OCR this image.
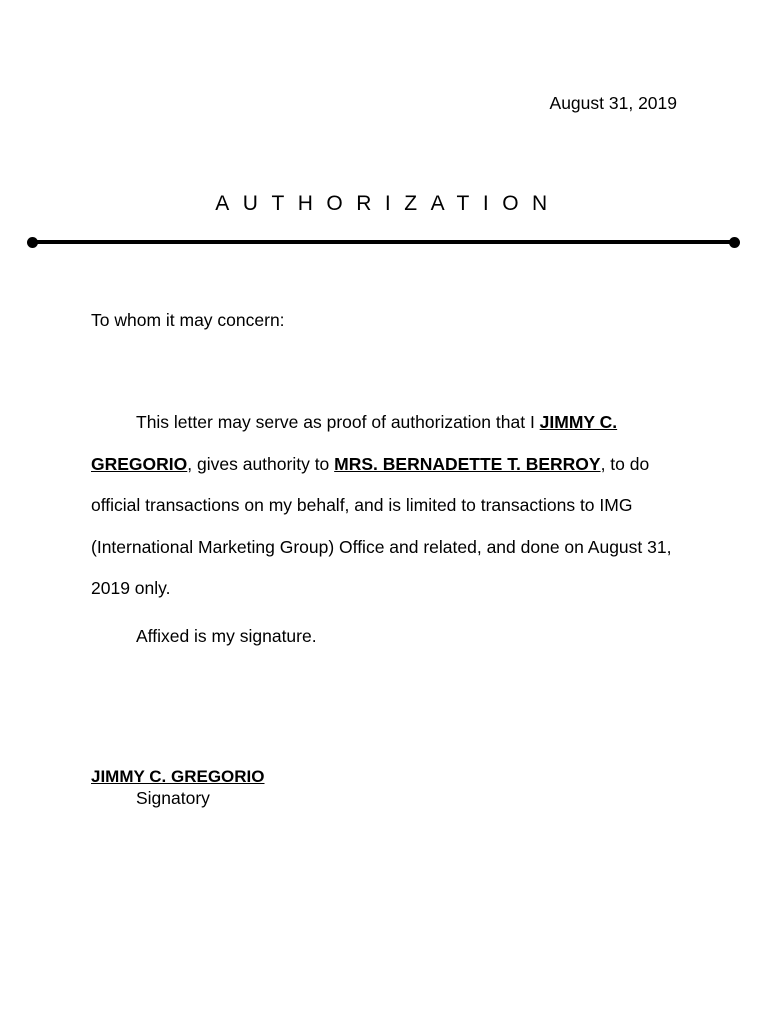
August 31, 2019
AUTHORIZATION
To whom it may concern:

This letter may serve as proof of authorization that I JIMMY C. GREGORIO, gives authority to MRS. BERNADETTE T. BERROY, to do official transactions on my behalf, and is limited to transactions to IMG (International Marketing Group) Office and related, and done on August 31, 2019 only.

Affixed is my signature.
JIMMY C. GREGORIO
Signatory
